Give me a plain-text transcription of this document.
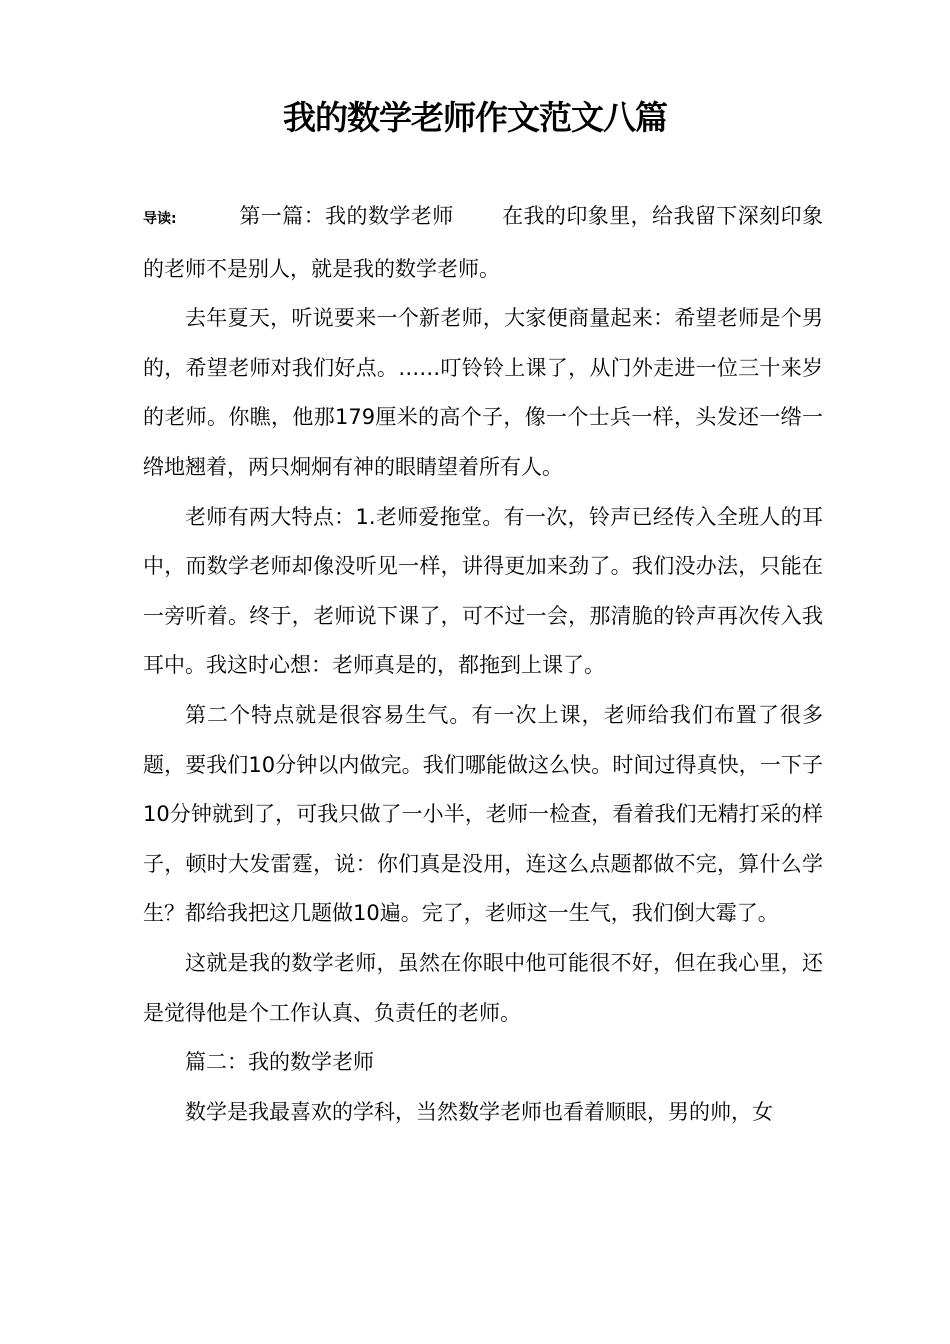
我的数学老师作文范文八篇

导读:	第一篇：我的数学老师 在我的印象里，给我留下深刻印象的老师不是别人，就是我的数学老师。

去年夏天，听说要来一个新老师，大家便商量起来：希望老师是个男的，希望老师对我们好点。……叮铃铃上课了，从门外走进一位三十来岁的老师。你瞧，他那179厘米的高个子，像一个士兵一样，头发还一绺一绺地翘着，两只炯炯有神的眼睛望着所有人。

老师有两大特点：1.老师爱拖堂。有一次，铃声已经传入全班人的耳中，而数学老师却像没听见一样，讲得更加来劲了。我们没办法，只能在一旁听着。终于，老师说下课了，可不过一会，那清脆的铃声再次传入我耳中。我这时心想：老师真是的，都拖到上课了。

第二个特点就是很容易生气。有一次上课，老师给我们布置了很多题，要我们10分钟以内做完。我们哪能做这么快。时间过得真快，一下子10分钟就到了，可我只做了一小半，老师一检查，看着我们无精打采的样子，顿时大发雷霆，说：你们真是没用，连这么点题都做不完，算什么学生？都给我把这几题做10遍。完了，老师这一生气，我们倒大霉了。

这就是我的数学老师，虽然在你眼中他可能很不好，但在我心里，还是觉得他是个工作认真、负责任的老师。

篇二：我的数学老师

数学是我最喜欢的学科，当然数学老师也看着顺眼，男的帅，女
